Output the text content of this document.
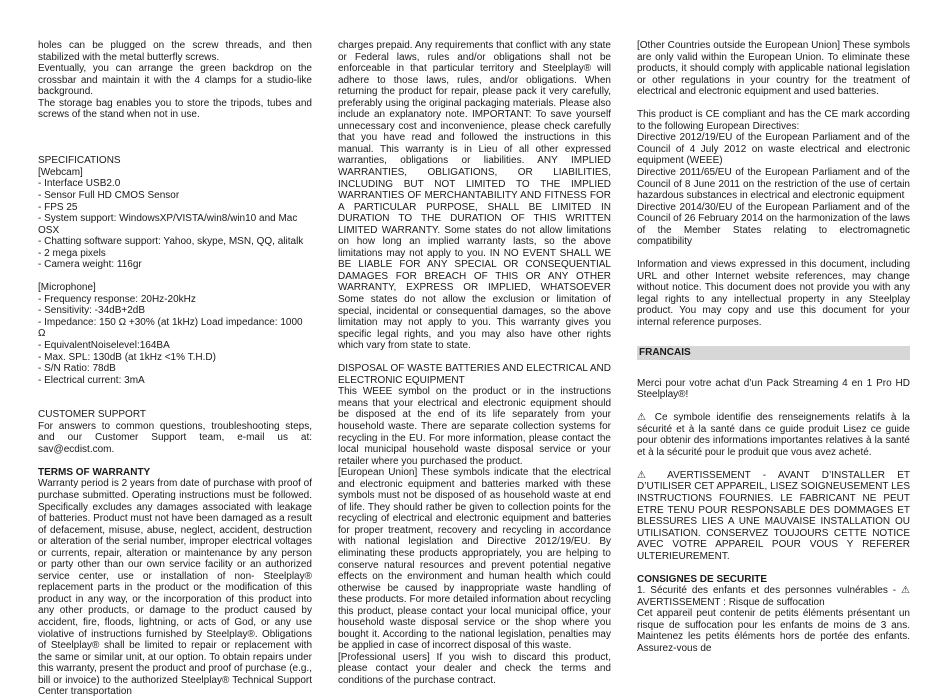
holes can be plugged on the screw threads, and then stabilized with the metal butterfly screws.

Eventually, you can arrange the green backdrop on the crossbar and maintain it with the 4 clamps for a studio-like background.

The storage bag enables you to store the tripods, tubes and screws of the stand when not in use.

SPECIFICATIONS

[Webcam]

- Interface USB2.0

- Sensor Full HD CMOS Sensor

- FPS 25

- System support: WindowsXP/VISTA/win8/win10 and Mac OSX

- Chatting software support: Yahoo, skype, MSN, QQ, alitalk

- 2 mega pixels

- Camera weight: 116gr

[Microphone]

- Frequency response: 20Hz-20kHz

- Sensitivity: -34dB+2dB

- Impedance: 150 Ω +30% (at 1kHz) Load impedance: 1000 Ω

- EquivalentNoiselevel:164BA

- Max. SPL: 130dB (at 1kHz <1% T.H.D)

- S/N Ratio: 78dB

- Electrical current: 3mA

CUSTOMER SUPPORT

For answers to common questions, troubleshooting steps, and our Customer Support team, e-mail us at: sav@ecdist.com.

TERMS OF WARRANTY

Warranty period is 2 years from date of purchase with proof of purchase submitted. Operating instructions must be followed. Specifically excludes any damages associated with leakage of batteries. Product must not have been damaged as a result of defacement, misuse, abuse, neglect, accident, destruction or alteration of the serial number, improper electrical voltages or currents, repair, alteration or maintenance by any person or party other than our own service facility or an authorized service center, use or installation of non- Steelplay® replacement parts in the product or the modification of this product in any way, or the incorporation of this product into any other products, or damage to the product caused by accident, fire, floods, lightning, or acts of God, or any use violative of instructions furnished by Steelplay®. Obligations of Steelplay® shall be limited to repair or replacement with the same or similar unit, at our option. To obtain repairs under this warranty, present the product and proof of purchase (e.g., bill or invoice) to the authorized Steelplay® Technical Support Center transportation

charges prepaid. Any requirements that conflict with any state or Federal laws, rules and/or obligations shall not be enforceable in that particular territory and Steelplay® will adhere to those laws, rules, and/or obligations. When returning the product for repair, please pack it very carefully, preferably using the original packaging materials. Please also include an explanatory note. IMPORTANT: To save yourself unnecessary cost and inconvenience, please check carefully that you have read and followed the instructions in this manual. This warranty is in Lieu of all other expressed warranties, obligations or liabilities. ANY IMPLIED WARRANTIES, OBLIGATIONS, OR LIABILITIES, INCLUDING BUT NOT LIMITED TO THE IMPLIED WARRANTIES OF MERCHANTABILITY AND FITNESS FOR A PARTICULAR PURPOSE, SHALL BE LIMITED IN DURATION TO THE DURATION OF THIS WRITTEN LIMITED WARRANTY. Some states do not allow limitations on how long an implied warranty lasts, so the above limitations may not apply to you. IN NO EVENT SHALL WE BE LIABLE FOR ANY SPECIAL OR CONSEQUENTIAL DAMAGES FOR BREACH OF THIS OR ANY OTHER WARRANTY, EXPRESS OR IMPLIED, WHATSOEVER Some states do not allow the exclusion or limitation of special, incidental or consequential damages, so the above limitation may not apply to you. This warranty gives you specific legal rights, and you may also have other rights which vary from state to state.

DISPOSAL OF WASTE BATTERIES AND ELECTRICAL AND ELECTRONIC EQUIPMENT

This WEEE symbol on the product or in the instructions means that your electrical and electronic equipment should be disposed at the end of its life separately from your household waste. There are separate collection systems for recycling in the EU. For more information, please contact the local municipal household waste disposal service or your retailer where you purchased the product.

[European Union] These symbols indicate that the electrical and electronic equipment and batteries marked with these symbols must not be disposed of as household waste at end of life. They should rather be given to collection points for the recycling of electrical and electronic equipment and batteries for proper treatment, recovery and recycling in accordance with national legislation and Directive 2012/19/EU. By eliminating these products appropriately, you are helping to conserve natural resources and prevent potential negative effects on the environment and human health which could otherwise be caused by inappropriate waste handling of these products. For more detailed information about recycling this product, please contact your local municipal office, your household waste disposal service or the shop where you bought it. According to the national legislation, penalties may be applied in case of incorrect disposal of this waste.

[Professional users] If you wish to discard this product, please contact your dealer and check the terms and conditions of the purchase contract.

[Other Countries outside the European Union] These symbols are only valid within the European Union. To eliminate these products, it should comply with applicable national legislation or other regulations in your country for the treatment of electrical and electronic equipment and used batteries.

This product is CE compliant and has the CE mark according to the following European Directives:

Directive 2012/19/EU of the European Parliament and of the Council of 4 July 2012 on waste electrical and electronic equipment (WEEE)

Directive 2011/65/EU of the European Parliament and of the Council of 8 June 2011 on the restriction of the use of certain hazardous substances in electrical and electronic equipment

Directive 2014/30/EU of the European Parliament and of the Council of 26 February 2014 on the harmonization of the laws of the Member States relating to electromagnetic compatibility

Information and views expressed in this document, including URL and other Internet website references, may change without notice. This document does not provide you with any legal rights to any intellectual property in any Steelplay product. You may copy and use this document for your internal reference purposes.

FRANCAIS

Merci pour votre achat d’un Pack Streaming 4 en 1 Pro HD Steelplay®!

⚠ Ce symbole identifie des renseignements relatifs à la sécurité et à la santé dans ce guide produit Lisez ce guide pour obtenir des informations importantes relatives à la santé et à la sécurité pour le produit que vous avez acheté.

⚠ AVERTISSEMENT - AVANT D’INSTALLER ET D’UTILISER CET APPAREIL, LISEZ SOIGNEUSEMENT LES INSTRUCTIONS FOURNIES. LE FABRICANT NE PEUT ETRE TENU POUR RESPONSABLE DES DOMMAGES ET BLESSURES LIES A UNE MAUVAISE INSTALLATION OU UTILISATION. CONSERVEZ TOUJOURS CETTE NOTICE AVEC VOTRE APPAREIL POUR VOUS Y REFERER ULTERIEUREMENT.

CONSIGNES DE SECURITE

1. Sécurité des enfants et des personnes vulnérables - ⚠ AVERTISSEMENT : Risque de suffocation

Cet appareil peut contenir de petits éléments présentant un risque de suffocation pour les enfants de moins de 3 ans. Maintenez les petits éléments hors de portée des enfants. Assurez-vous de
